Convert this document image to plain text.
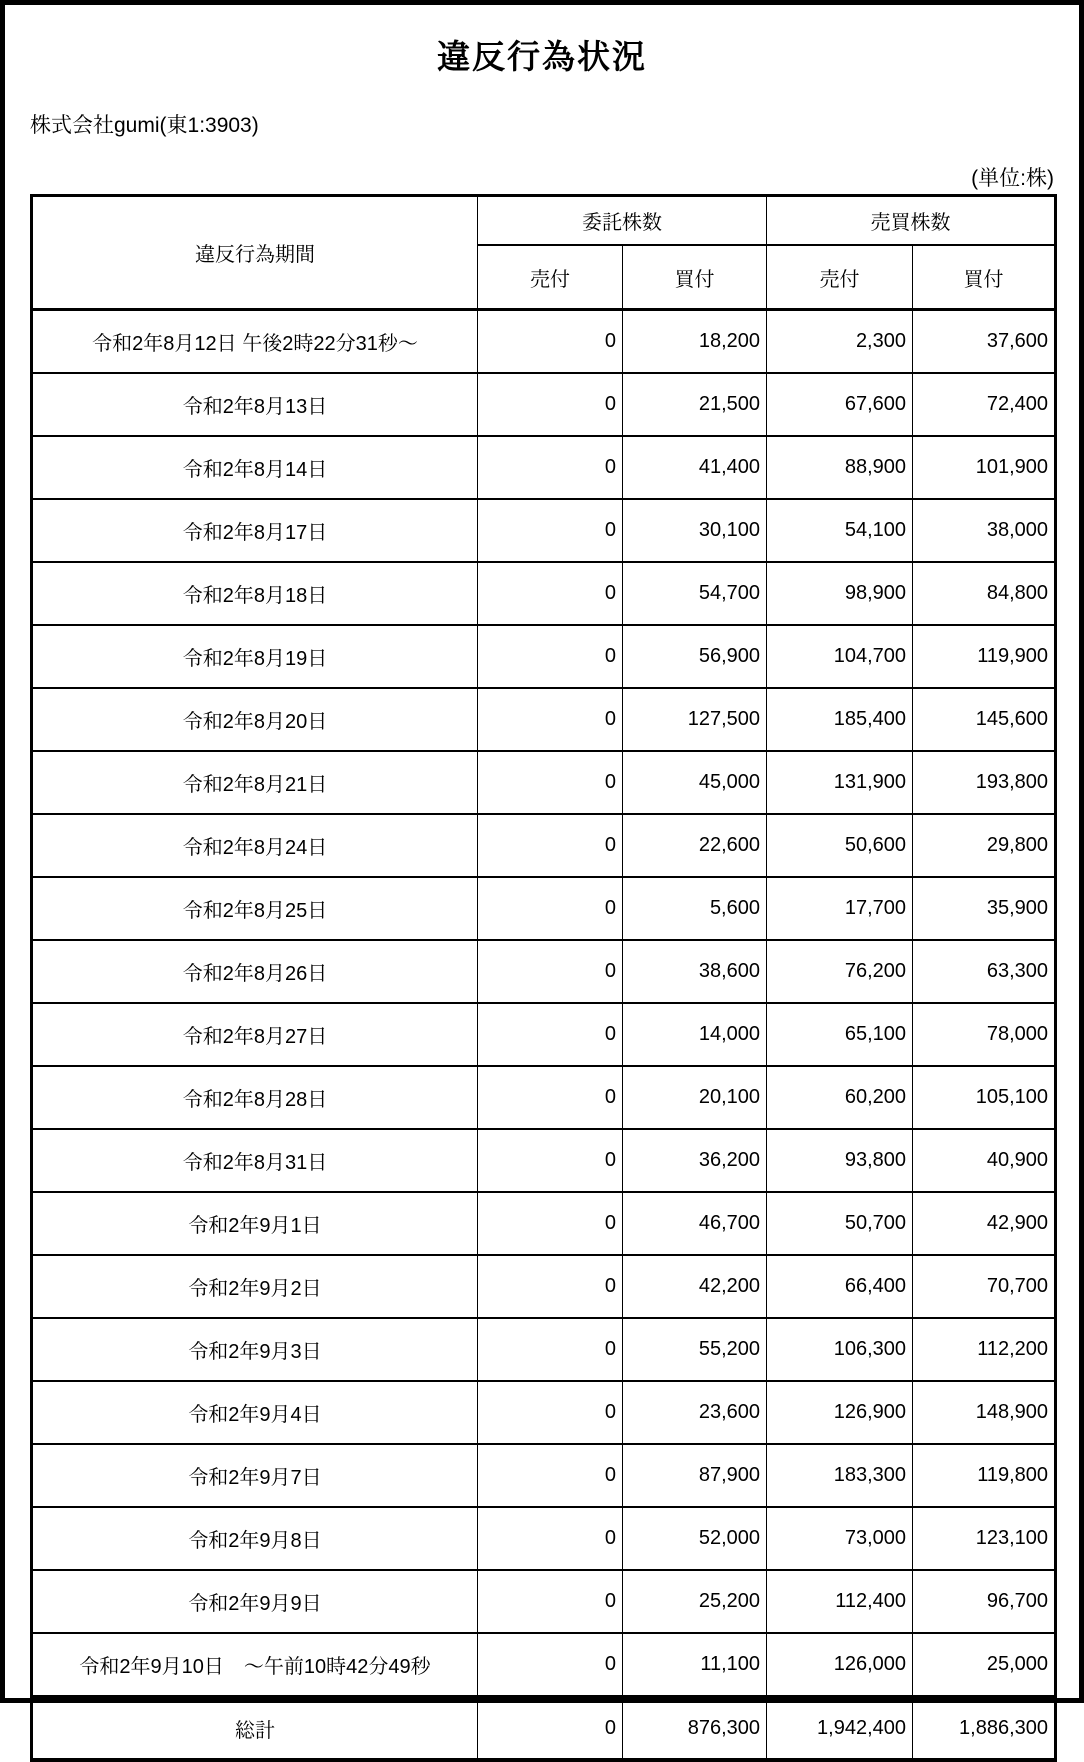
違反行為状況

株式会社gumi(東1:3903)

(単位:株)

違反行為期間	委託株数		売買株数	
	売付	買付	売付	買付
令和2年8月12日 午後2時22分31秒～	0	18,200	2,300	37,600
令和2年8月13日	0	21,500	67,600	72,400
令和2年8月14日	0	41,400	88,900	101,900
令和2年8月17日	0	30,100	54,100	38,000
令和2年8月18日	0	54,700	98,900	84,800
令和2年8月19日	0	56,900	104,700	119,900
令和2年8月20日	0	127,500	185,400	145,600
令和2年8月21日	0	45,000	131,900	193,800
令和2年8月24日	0	22,600	50,600	29,800
令和2年8月25日	0	5,600	17,700	35,900
令和2年8月26日	0	38,600	76,200	63,300
令和2年8月27日	0	14,000	65,100	78,000
令和2年8月28日	0	20,100	60,200	105,100
令和2年8月31日	0	36,200	93,800	40,900
令和2年9月1日	0	46,700	50,700	42,900
令和2年9月2日	0	42,200	66,400	70,700
令和2年9月3日	0	55,200	106,300	112,200
令和2年9月4日	0	23,600	126,900	148,900
令和2年9月7日	0	87,900	183,300	119,800
令和2年9月8日	0	52,000	73,000	123,100
令和2年9月9日	0	25,200	112,400	96,700
令和2年9月10日　～午前10時42分49秒	0	11,100	126,000	25,000
総計	0	876,300	1,942,400	1,886,300
